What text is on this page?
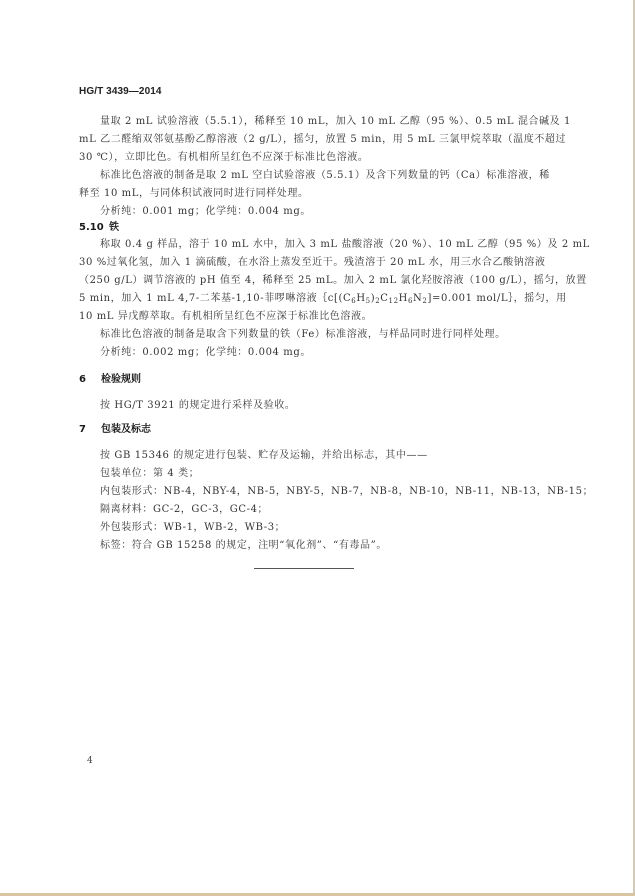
HG/T 3439—2014
量取 2 mL 试验溶液（5.5.1），稀释至 10 mL，加入 10 mL 乙醇（95 %）、0.5 mL 混合碱及 1
mL 乙二醛缩双邻氨基酚乙醇溶液（2 g/L），摇匀，放置 5 min，用 5 mL 三氯甲烷萃取（温度不超过
30 ℃），立即比色。有机相所呈红色不应深于标准比色溶液。
标准比色溶液的制备是取 2 mL 空白试验溶液（5.5.1）及含下列数量的钙（Ca）标准溶液，稀
释至 10 mL，与同体积试液同时进行同样处理。
分析纯：0.001 mg；化学纯：0.004 mg。
5.10 铁
称取 0.4 g 样品，溶于 10 mL 水中，加入 3 mL 盐酸溶液（20 %）、10 mL 乙醇（95 %）及 2 mL
30 %过氧化氢，加入 1 滴硫酸，在水浴上蒸发至近干。残渣溶于 20 mL 水，用三水合乙酸钠溶液
（250 g/L）调节溶液的 pH 值至 4，稀释至 25 mL。加入 2 mL 氯化羟胺溶液（100 g/L），摇匀，放置
5 min，加入 1 mL 4,7-二苯基-1,10-菲啰啉溶液$\{c[(C_6H_5)_2C_{12}H_6N_2]=0.001$ mol/L｝，摇匀，用
10 mL 异戊醇萃取。有机相所呈红色不应深于标准比色溶液。
标准比色溶液的制备是取含下列数量的铁（Fe）标准溶液，与样品同时进行同样处理。
分析纯：0.002 mg；化学纯：0.004 mg。
6 检验规则
按 HG/T 3921 的规定进行采样及验收。
7 包装及标志
按 GB 15346 的规定进行包装、贮存及运输，并给出标志，其中——
包装单位：第 4 类；
内包装形式：NB-4，NBY-4，NB-5，NBY-5，NB-7，NB-8，NB-10，NB-11，NB-13，NB-15；
隔离材料：GC-2，GC-3，GC-4；
外包装形式：WB-1，WB-2，WB-3；
标签：符合 GB 15258 的规定，注明“氧化剂”、“有毒品”。
4
